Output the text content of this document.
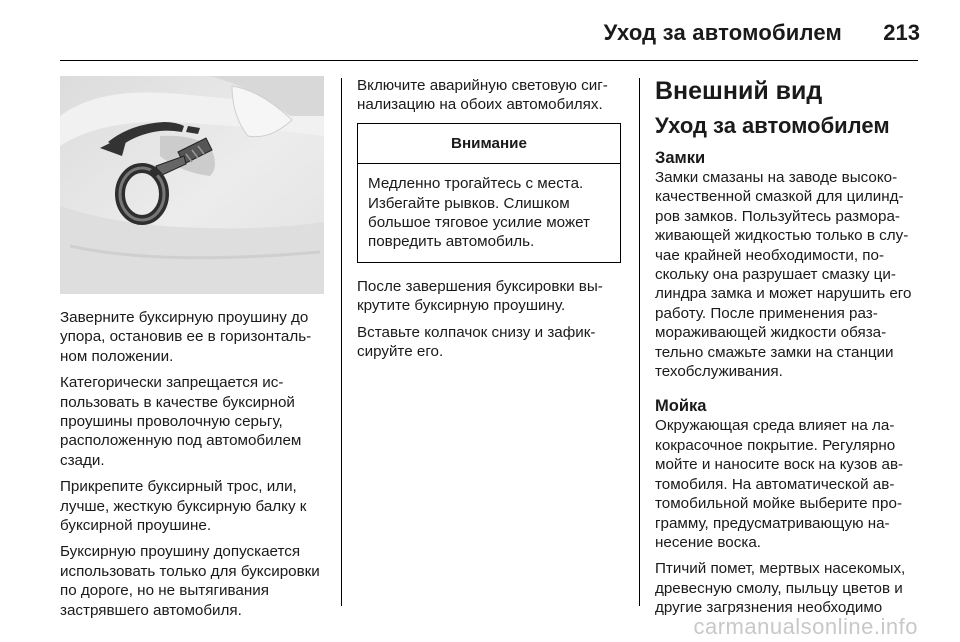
Уход за автомобилем 213

Заверните буксирную проушину до упора, остановив ее в горизонтальном положении.

Категорически запрещается использовать в качестве буксирной проушины проволочную серьгу, расположенную под автомобилем сзади.

Прикрепите буксирный трос, или, лучше, жесткую буксирную балку к буксирной проушине.

Буксирную проушину допускается использовать только для буксировки по дороге, но не вытягивания застрявшего автомобиля.

Включите аварийную световую сигнализацию на обоих автомобилях.

Внимание
Медленно трогайтесь с места. Избегайте рывков. Слишком большое тяговое усилие может повредить автомобиль.

После завершения буксировки выкрутите буксирную проушину.

Вставьте колпачок снизу и зафиксируйте его.

Внешний вид
Уход за автомобилем
Замки

Замки смазаны на заводе высококачественной смазкой для цилиндров замков. Пользуйтесь размораживающей жидкостью только в случае крайней необходимости, поскольку она разрушает смазку цилиндра замка и может нарушить его работу. После применения размораживающей жидкости обязательно смажьте замки на станции техобслуживания.

Мойка

Окружающая среда влияет на лакокрасочное покрытие. Регулярно мойте и наносите воск на кузов автомобиля. На автоматической автомобильной мойке выберите программу, предусматривающую нанесение воска.

Птичий помет, мертвых насекомых, древесную смолу, пыльцу цветов и другие загрязнения необходимо

carmanualsonline.info
